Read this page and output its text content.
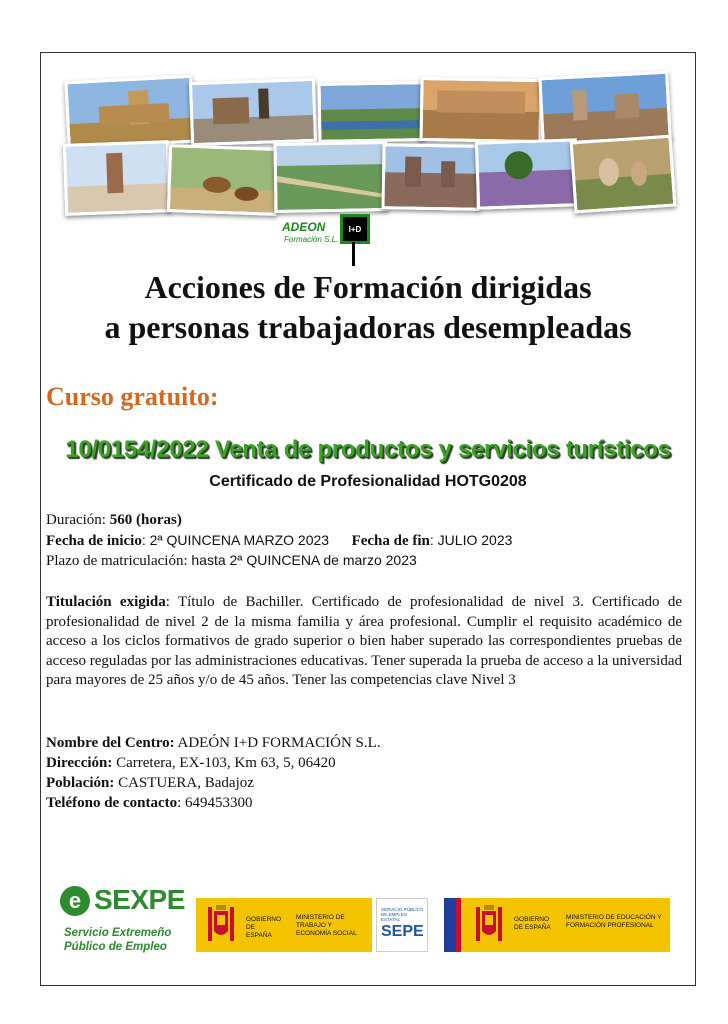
ADEON
Formación S.L.
I+D
Acciones de Formación dirigidas
a personas trabajadoras desempleadas
Curso gratuito:
10/0154/2022 Venta de productos y servicios turísticos
Certificado de Profesionalidad HOTG0208
Duración: 560 (horas)
Fecha de inicio: 2ª QUINCENA MARZO 2023 Fecha de fin: JULIO 2023
Plazo de matriculación: hasta 2ª QUINCENA de marzo 2023
Titulación exigida: Título de Bachiller. Certificado de profesionalidad de nivel 3. Certificado de profesionalidad de nivel 2 de la misma familia y área profesional. Cumplir el requisito académico de acceso a los ciclos formativos de grado superior o bien haber superado las correspondientes pruebas de acceso reguladas por las administraciones educativas. Tener superada la prueba de acceso a la universidad para mayores de 25 años y/o de 45 años. Tener las competencias clave Nivel 3
Nombre del Centro: ADEÓN I+D FORMACIÓN S.L.
Dirección: Carretera, EX-103, Km 63, 5, 06420
Población: CASTUERA, Badajoz
Teléfono de contacto: 649453300
e SEXPE
Servicio Extremeño
Público de Empleo
GOBIERNO DE ESPAÑA
MINISTERIO DE TRABAJO Y ECONOMÍA SOCIAL
SERVICIO PÚBLICO DE EMPLEO ESTATAL
SEPE
GOBIERNO DE ESPAÑA
MINISTERIO DE EDUCACIÓN Y FORMACIÓN PROFESIONAL
